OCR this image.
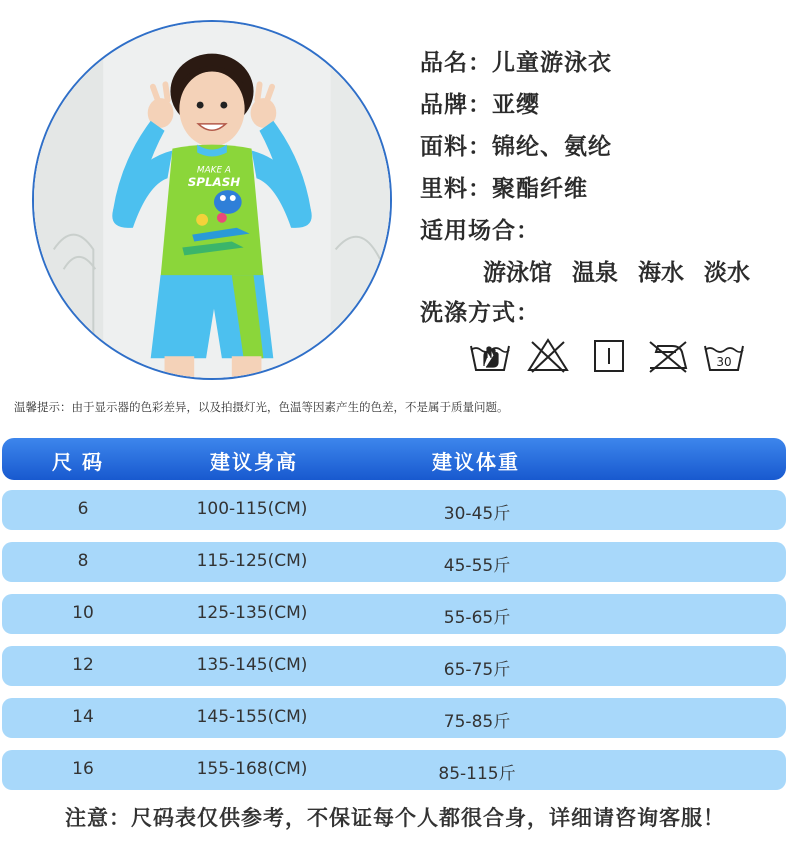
MAKE A
SPLASH
品名：儿童游泳衣
品牌：亚缨
面料：锦纶、氨纶
里料：聚酯纤维
适用场合：
游泳馆 温泉 海水 淡水
洗涤方式：
30
温馨提示：由于显示器的色彩差异，以及拍摄灯光，色温等因素产生的色差，不是属于质量问题。
尺码	建议身高	建议体重
6	100-115(CM)	30-45斤
8	115-125(CM)	45-55斤
10	125-135(CM)	55-65斤
12	135-145(CM)	65-75斤
14	145-155(CM)	75-85斤
16	155-168(CM)	85-115斤
注意：尺码表仅供参考，不保证每个人都很合身，详细请咨询客服！
